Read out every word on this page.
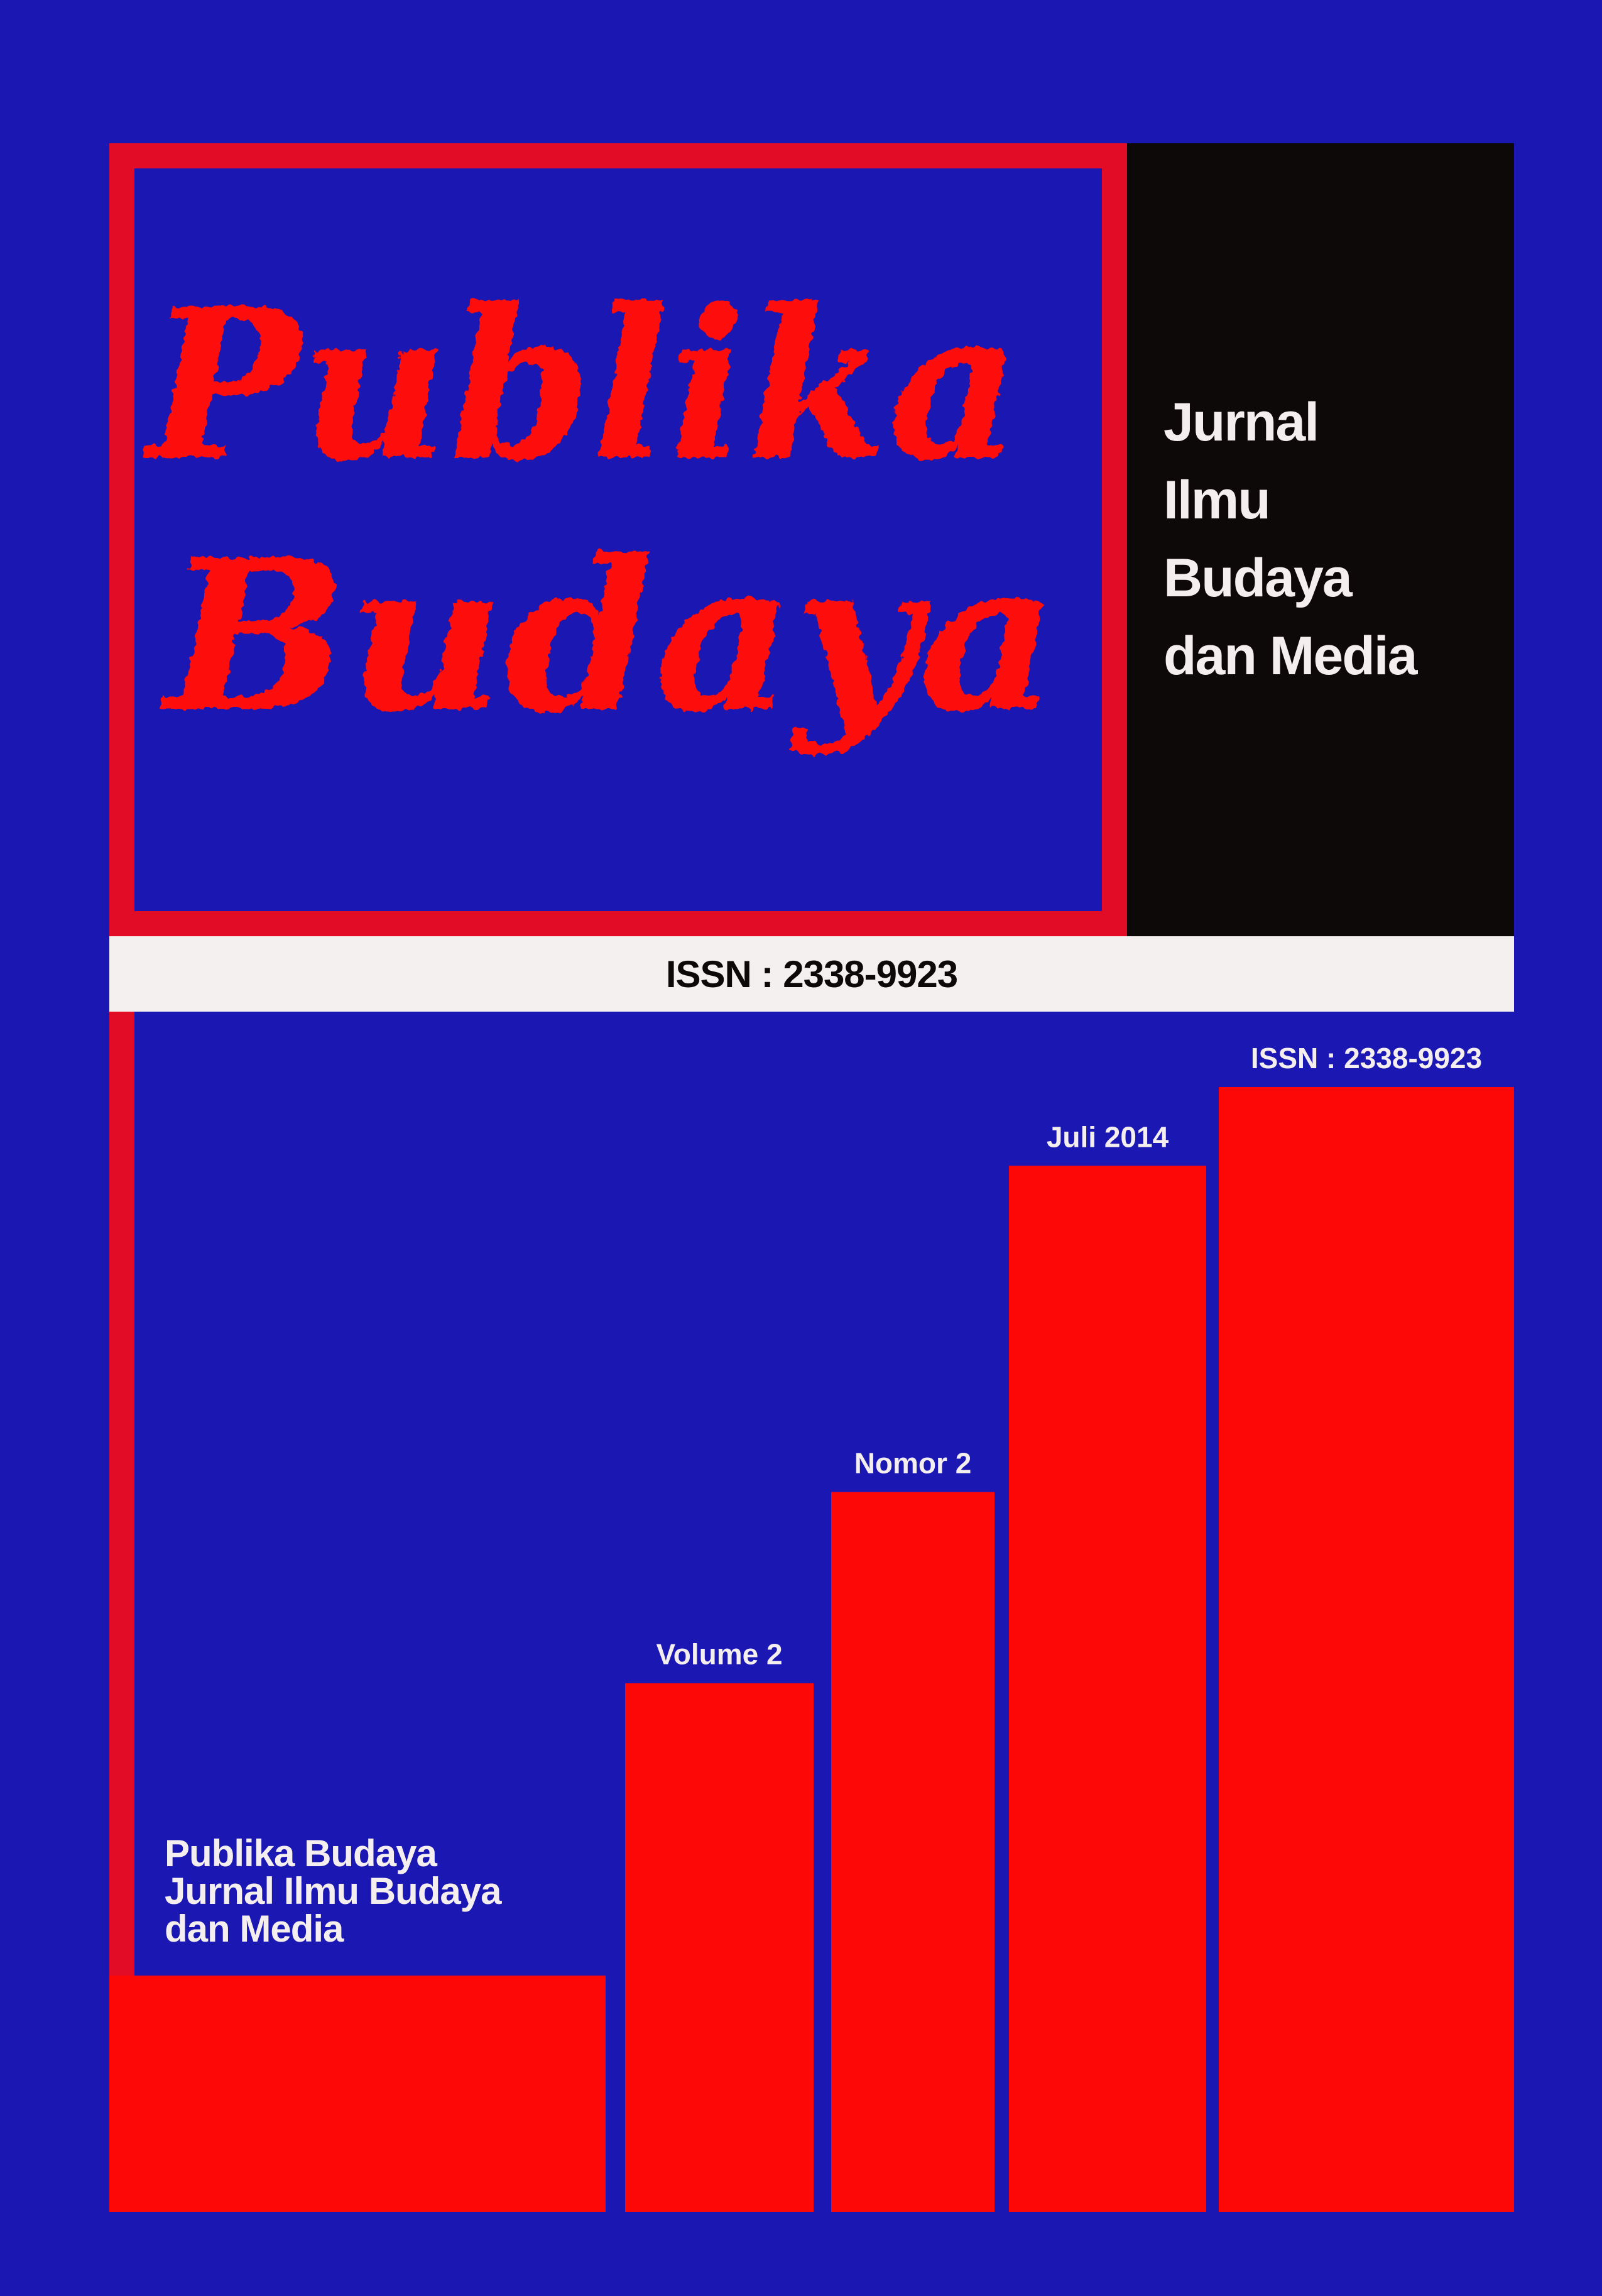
Publika
Budaya
Jurnal
Ilmu
Budaya
dan Media
ISSN : 2338-9923
Volume 2
Nomor 2
Juli 2014
ISSN : 2338-9923
Publika Budaya
Jurnal Ilmu Budaya
dan Media
